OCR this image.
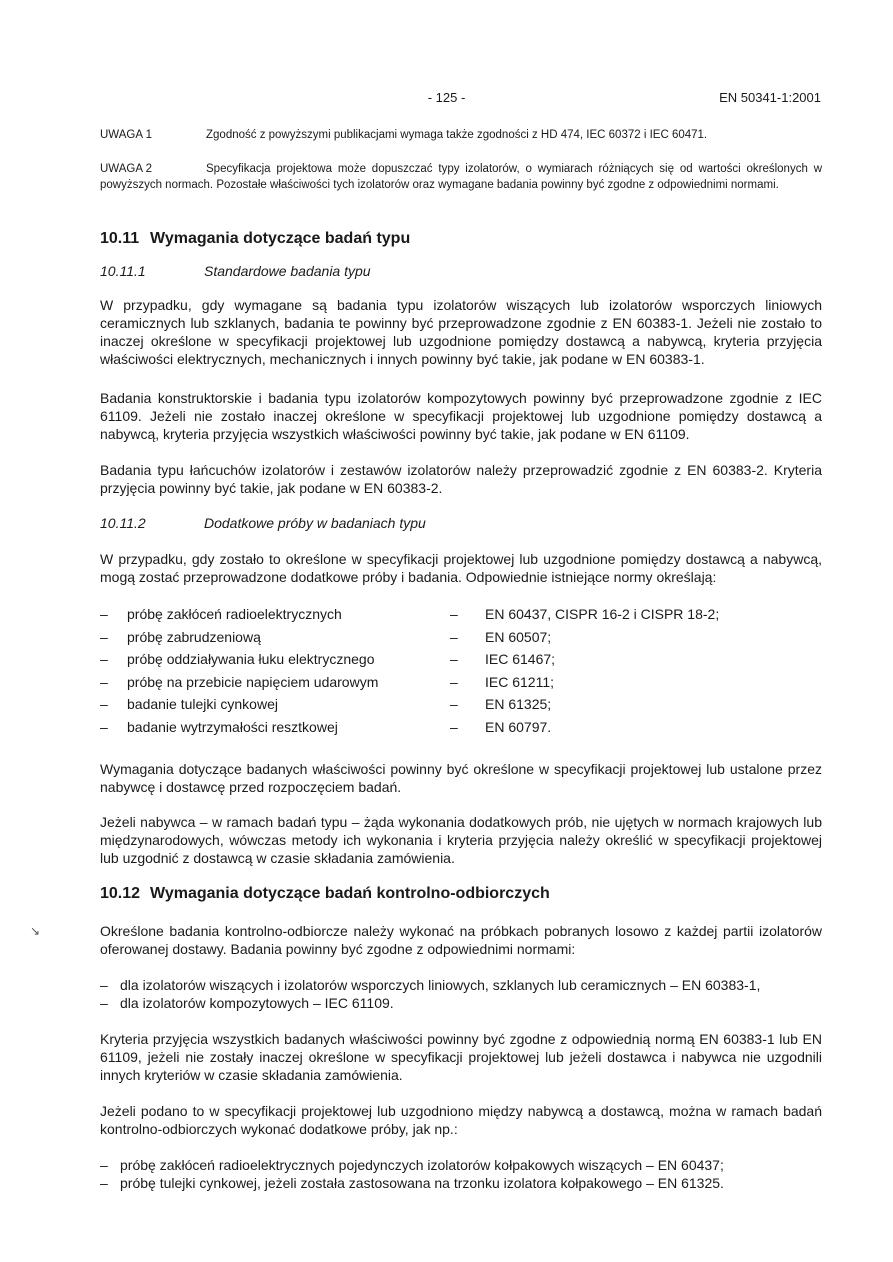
- 125 -	EN 50341-1:2001
UWAGA 1	Zgodność z powyższymi publikacjami wymaga także zgodności z HD 474, IEC 60372 i IEC 60471.
UWAGA 2	Specyfikacja projektowa może dopuszczać typy izolatorów, o wymiarach różniących się od wartości określonych w powyższych normach. Pozostałe właściwości tych izolatorów oraz wymagane badania powinny być zgodne z odpowiednimi normami.
10.11 Wymagania dotyczące badań typu
10.11.1	Standardowe badania typu
W przypadku, gdy wymagane są badania typu izolatorów wiszących lub izolatorów wsporczych liniowych ceramicznych lub szklanych, badania te powinny być przeprowadzone zgodnie z EN 60383-1. Jeżeli nie zostało to inaczej określone w specyfikacji projektowej lub uzgodnione pomiędzy dostawcą a nabywcą, kryteria przyjęcia właściwości elektrycznych, mechanicznych i innych powinny być takie, jak podane w EN 60383-1.
Badania konstruktorskie i badania typu izolatorów kompozytowych powinny być przeprowadzone zgodnie z IEC 61109. Jeżeli nie zostało inaczej określone w specyfikacji projektowej lub uzgodnione pomiędzy dostawcą a nabywcą, kryteria przyjęcia wszystkich właściwości powinny być takie, jak podane w EN 61109.
Badania typu łańcuchów izolatorów i zestawów izolatorów należy przeprowadzić zgodnie z EN 60383-2. Kryteria przyjęcia powinny być takie, jak podane w EN 60383-2.
10.11.2	Dodatkowe próby w badaniach typu
W przypadku, gdy zostało to określone w specyfikacji projektowej lub uzgodnione pomiędzy dostawcą a nabywcą, mogą zostać przeprowadzone dodatkowe próby i badania. Odpowiednie istniejące normy określają:
– próbę zakłóceń radioelektrycznych	– EN 60437, CISPR 16-2 i CISPR 18-2;
– próbę zabrudzeniową	– EN 60507;
– próbę oddziaływania łuku elektrycznego	– IEC 61467;
– próbę na przebicie napięciem udarowym	– IEC 61211;
– badanie tulejki cynkowej	– EN 61325;
– badanie wytrzymałości resztkowej	– EN 60797.
Wymagania dotyczące badanych właściwości powinny być określone w specyfikacji projektowej lub ustalone przez nabywcę i dostawcę przed rozpoczęciem badań.
Jeżeli nabywca – w ramach badań typu – żąda wykonania dodatkowych prób, nie ujętych w normach krajowych lub międzynarodowych, wówczas metody ich wykonania i kryteria przyjęcia należy określić w specyfikacji projektowej lub uzgodnić z dostawcą w czasie składania zamówienia.
10.12 Wymagania dotyczące badań kontrolno-odbiorczych
↘	Określone badania kontrolno-odbiorcze należy wykonać na próbkach pobranych losowo z każdej partii izolatorów oferowanej dostawy. Badania powinny być zgodne z odpowiednimi normami:
– dla izolatorów wiszących i izolatorów wsporczych liniowych, szklanych lub ceramicznych – EN 60383-1,
– dla izolatorów kompozytowych – IEC 61109.
Kryteria przyjęcia wszystkich badanych właściwości powinny być zgodne z odpowiednią normą EN 60383-1 lub EN 61109, jeżeli nie zostały inaczej określone w specyfikacji projektowej lub jeżeli dostawca i nabywca nie uzgodnili innych kryteriów w czasie składania zamówienia.
Jeżeli podano to w specyfikacji projektowej lub uzgodniono między nabywcą a dostawcą, można w ramach badań kontrolno-odbiorczych wykonać dodatkowe próby, jak np.:
– próbę zakłóceń radioelektrycznych pojedynczych izolatorów kołpakowych wiszących – EN 60437;
– próbę tulejki cynkowej, jeżeli została zastosowana na trzonku izolatora kołpakowego – EN 61325.
